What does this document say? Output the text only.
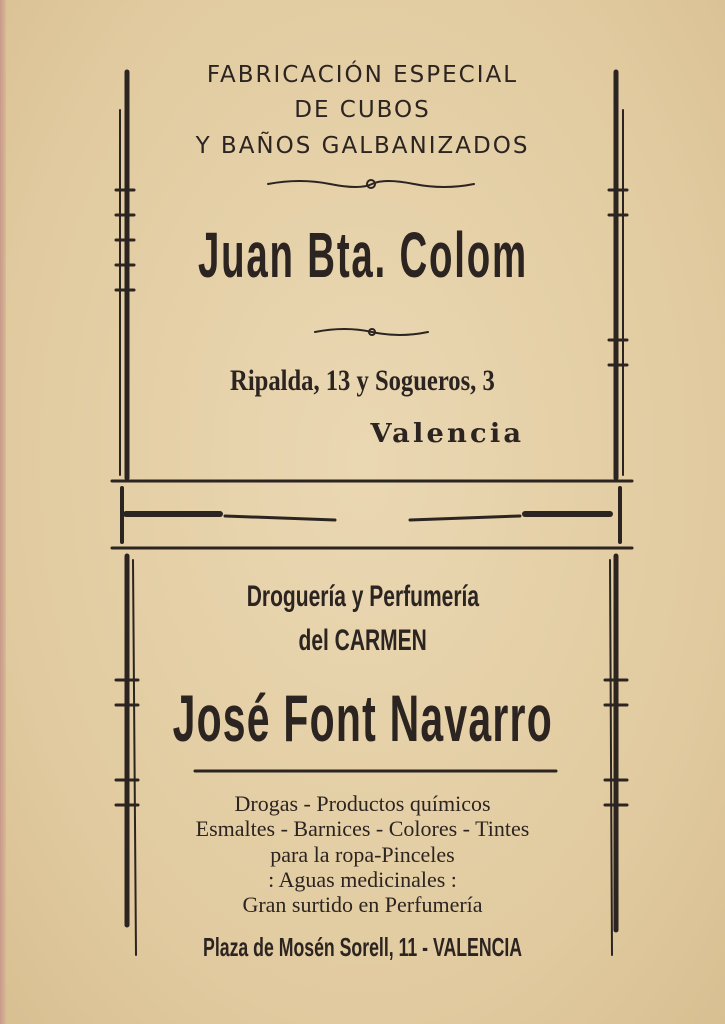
FABRICACIÓN ESPECIAL
DE CUBOS
Y BAÑOS GALBANIZADOS
Juan Bta. Colom
Ripalda, 13 y Sogueros, 3
Valencia
Droguería y Perfumería
del CARMEN
José Font Navarro
Drogas - Productos químicos
Esmaltes - Barnices - Colores - Tintes
para la ropa-Pinceles
: Aguas medicinales :
Gran surtido en Perfumería
Plaza de Mosén Sorell, 11 - VALENCIA
